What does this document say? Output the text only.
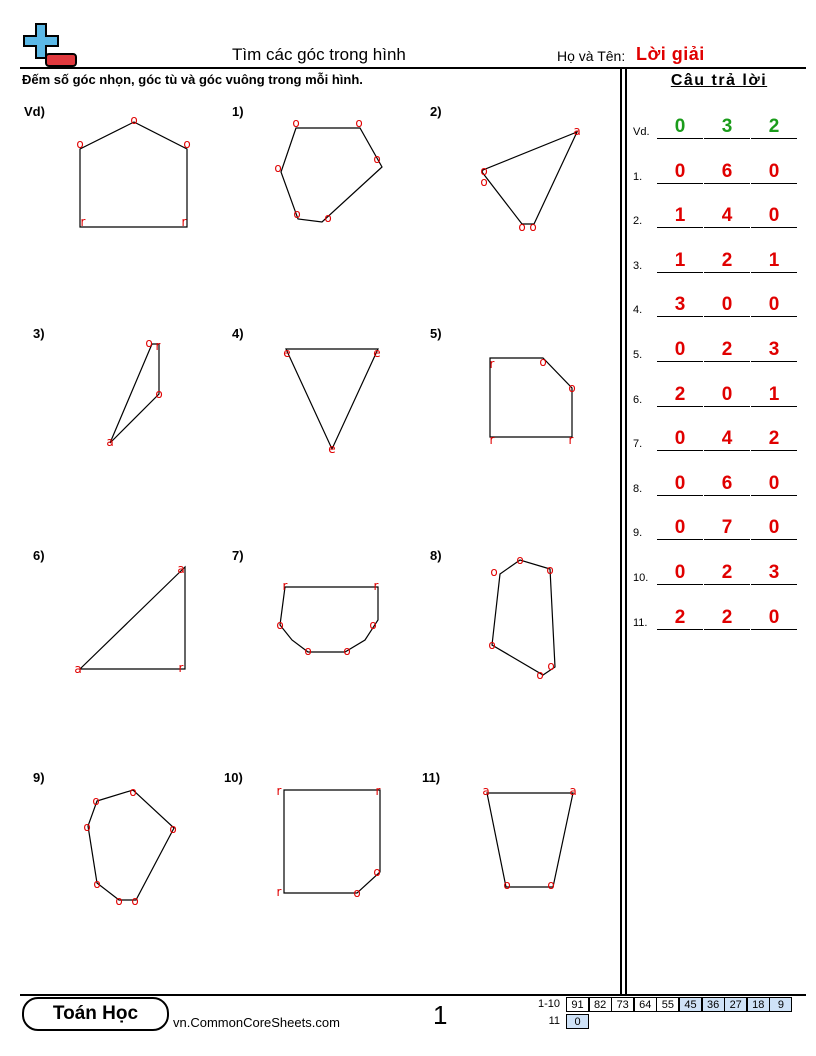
Tìm các góc trong hình	Họ và Tên: Lời giải
Đếm số góc nhọn, góc tù và góc vuông trong mỗi hình.	Câu trả lời
Vd)	1)	2)
3)	4)	5)
6)	7)	8)
9)	10)	11)
o
o
o
r	r
o	o
o
o
o
o
a
o
o
o o
o r
o
a
e	e
e
r	o
o
r	r
a
a	r
r	r
o
o
o
o
o
o
o
o
o
o
o
o
o
o
o
o
o
r	r
o
o
r
a	a
o
o
Vd.	0	3	2
1.	0	6	0
2.	1	4	0
3.	1	2	1
4.	3	0	0
5.	0	2	3
6.	2	0	1
7.	0	4	2
8.	0	6	0
9.	0	7	0
10.	0	2	3
11.	2	2	0
Toán Học	vn.CommonCoreSheets.com	1	1-10	91 82 73 64 55 45 36 27 18	9
11	0
